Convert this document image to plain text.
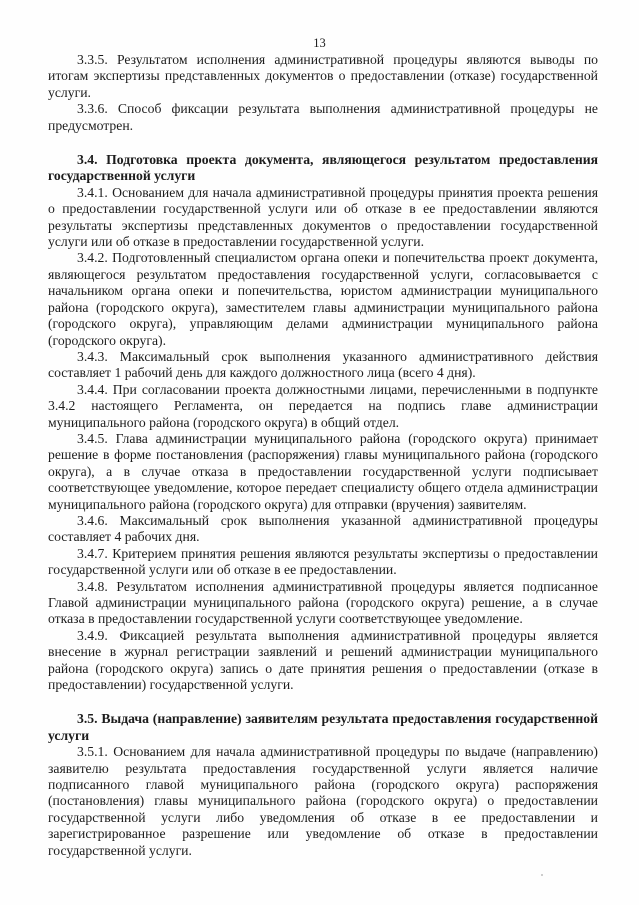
13

3.3.5. Результатом исполнения административной процедуры являются выводы по итогам экспертизы представленных документов о предоставлении (отказе) государственной услуги.

3.3.6. Способ фиксации результата выполнения административной процедуры не предусмотрен.

3.4. Подготовка проекта документа, являющегося результатом предоставления государственной услуги

3.4.1. Основанием для начала административной процедуры принятия проекта решения о предоставлении государственной услуги или об отказе в ее предоставлении являются результаты экспертизы представленных документов о предоставлении государственной услуги или об отказе в предоставлении государственной услуги.

3.4.2. Подготовленный специалистом органа опеки и попечительства проект документа, являющегося результатом предоставления государственной услуги, согласовывается с начальником органа опеки и попечительства, юристом администрации муниципального района (городского округа), заместителем главы администрации муниципального района (городского округа), управляющим делами администрации муниципального района (городского округа).

3.4.3. Максимальный срок выполнения указанного административного действия составляет 1 рабочий день для каждого должностного лица (всего 4 дня).

3.4.4. При согласовании проекта должностными лицами, перечисленными в подпункте 3.4.2 настоящего Регламента, он передается на подпись главе администрации муниципального района (городского округа) в общий отдел.

3.4.5. Глава администрации муниципального района (городского округа) принимает решение в форме постановления (распоряжения) главы муниципального района (городского округа), а в случае отказа в предоставлении государственной услуги подписывает соответствующее уведомление, которое передает специалисту общего отдела администрации муниципального района (городского округа) для отправки (вручения) заявителям.

3.4.6. Максимальный срок выполнения указанной административной процедуры составляет 4 рабочих дня.

3.4.7. Критерием принятия решения являются результаты экспертизы о предоставлении государственной услуги или об отказе в ее предоставлении.

3.4.8. Результатом исполнения административной процедуры является подписанное Главой администрации муниципального района (городского округа) решение, а в случае отказа в предоставлении государственной услуги соответствующее уведомление.

3.4.9. Фиксацией результата выполнения административной процедуры является внесение в журнал регистрации заявлений и решений администрации муниципального района (городского округа) запись о дате принятия решения о предоставлении (отказе в предоставлении) государственной услуги.

3.5. Выдача (направление) заявителям результата предоставления государственной услуги

3.5.1. Основанием для начала административной процедуры по выдаче (направлению) заявителю результата предоставления государственной услуги является наличие подписанного главой муниципального района (городского округа) распоряжения (постановления) главы муниципального района (городского округа) о предоставлении государственной услуги либо уведомления об отказе в ее предоставлении и зарегистрированное разрешение или уведомление об отказе в предоставлении государственной услуги.
